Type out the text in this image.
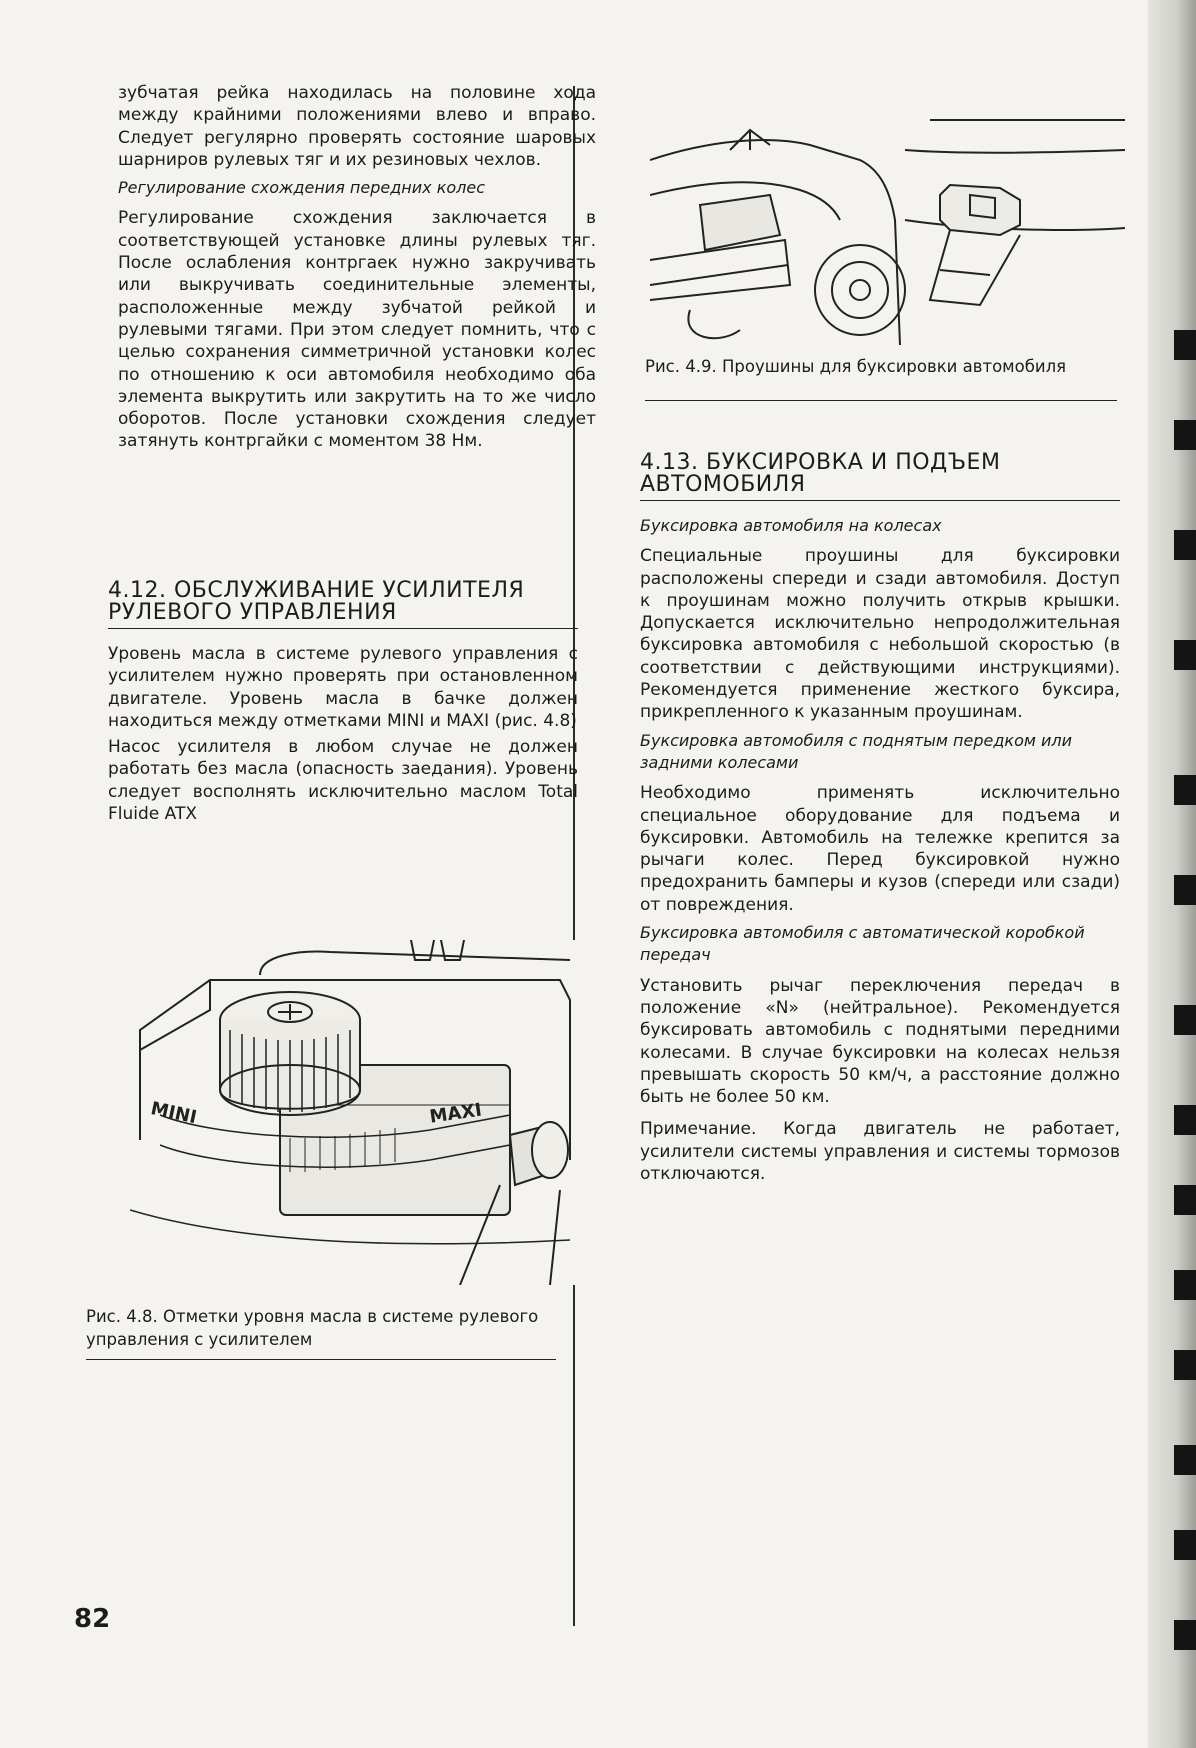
зубчатая рейка находилась на половине хода между крайними положениями влево и вправо. Следует регулярно проверять состояние шаровых шарниров рулевых тяг и их резиновых чехлов.

Регулирование схождения передних колес

Регулирование схождения заключается в соответствующей установке длины рулевых тяг. После ослабления контргаек нужно закручивать или выкручивать соединительные элементы, расположенные между зубчатой рейкой и рулевыми тягами. При этом следует помнить, что с целью сохранения симметричной установки колес по отношению к оси автомобиля необходимо оба элемента выкрутить или закрутить на то же число оборотов. После установки схождения следует затянуть контргайки с моментом 38 Нм.

4.12. ОБСЛУЖИВАНИЕ УСИЛИТЕЛЯ РУЛЕВОГО УПРАВЛЕНИЯ

Уровень масла в системе рулевого управления с усилителем нужно проверять при остановленном двигателе. Уровень масла в бачке должен находиться между отметками MINI и MAXI (рис. 4.8)

Насос усилителя в любом случае не должен работать без масла (опасность заедания). Уровень следует восполнять исключительно маслом Total Fluide ATX

MINI	MAXI
Рис. 4.8. Отметки уровня масла в системе рулевого управления с усилителем
82
Рис. 4.9. Проушины для буксировки автомобиля
4.13. БУКСИРОВКА И ПОДЪЕМ АВТОМОБИЛЯ
Буксировка автомобиля на колесах

Специальные проушины для буксировки расположены спереди и сзади автомобиля. Доступ к проушинам можно получить открыв крышки. Допускается исключительно непродолжительная буксировка автомобиля с небольшой скоростью (в соответствии с действующими инструкциями). Рекомендуется применение жесткого буксира, прикрепленного к указанным проушинам.

Буксировка автомобиля с поднятым передком или задними колесами

Необходимо применять исключительно специальное оборудование для подъема и буксировки. Автомобиль на тележке крепится за рычаги колес. Перед буксировкой нужно предохранить бамперы и кузов (спереди или сзади) от повреждения.

Буксировка автомобиля с автоматической коробкой передач

Установить рычаг переключения передач в положение «N» (нейтральное). Рекомендуется буксировать автомобиль с поднятыми передними колесами. В случае буксировки на колесах нельзя превышать скорость 50 км/ч, а расстояние должно быть не более 50 км.

Примечание. Когда двигатель не работает, усилители системы управления и системы тормозов отключаются.
